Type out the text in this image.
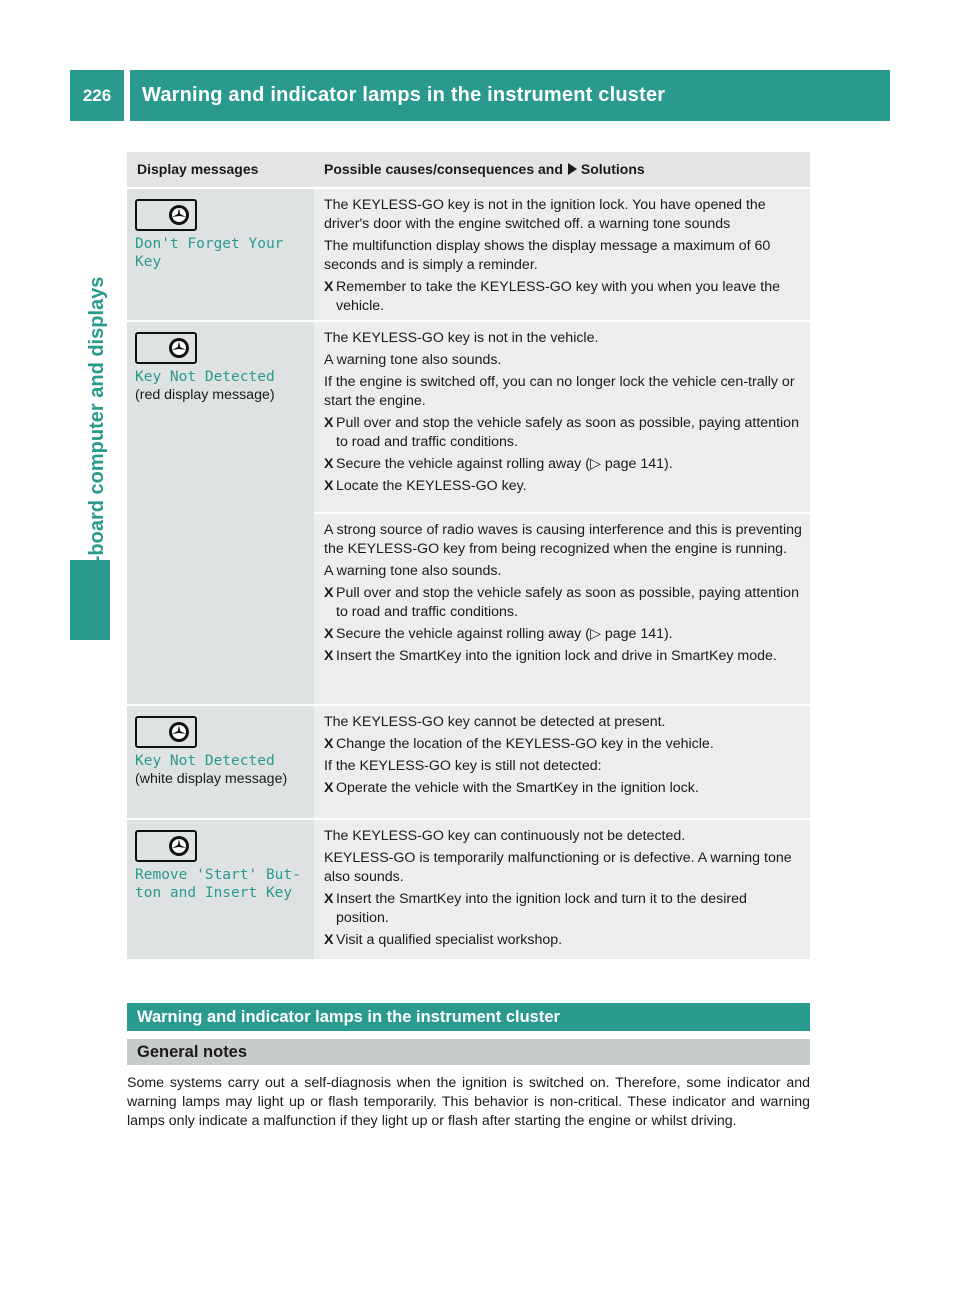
226	Warning and indicator lamps in the instrument cluster
On-board computer and displays
Display messages	Possible causes/consequences and Solutions
Don't Forget Your
Key

The KEYLESS-GO key is not in the ignition lock. You have opened the driver's door with the engine switched off. a warning tone sounds

The multifunction display shows the display message a maximum of 60 seconds and is simply a reminder.

X Remember to take the KEYLESS-GO key with you when you leave the vehicle.
Key Not Detected
(red display message)

The KEYLESS-GO key is not in the vehicle.

A warning tone also sounds.

If the engine is switched off, you can no longer lock the vehicle cen-trally or start the engine.

X Pull over and stop the vehicle safely as soon as possible, paying attention to road and traffic conditions.
X Secure the vehicle against rolling away (▷ page 141).
X Locate the KEYLESS-GO key.

A strong source of radio waves is causing interference and this is preventing the KEYLESS-GO key from being recognized when the engine is running.

A warning tone also sounds.

X Pull over and stop the vehicle safely as soon as possible, paying attention to road and traffic conditions.
X Secure the vehicle against rolling away (▷ page 141).
X Insert the SmartKey into the ignition lock and drive in SmartKey mode.
Key Not Detected
(white display message)

The KEYLESS-GO key cannot be detected at present.

X Change the location of the KEYLESS-GO key in the vehicle.

If the KEYLESS-GO key is still not detected:

X Operate the vehicle with the SmartKey in the ignition lock.
Remove 'Start' But‐
ton and Insert Key

The KEYLESS-GO key can continuously not be detected.

KEYLESS-GO is temporarily malfunctioning or is defective. A warning tone also sounds.

X Insert the SmartKey into the ignition lock and turn it to the desired position.
X Visit a qualified specialist workshop.
Warning and indicator lamps in the instrument cluster
General notes
Some systems carry out a self-diagnosis when the ignition is switched on. Therefore, some indicator and warning lamps may light up or flash temporarily. This behavior is non-critical. These indicator and warning lamps only indicate a malfunction if they light up or flash after starting the engine or whilst driving.
